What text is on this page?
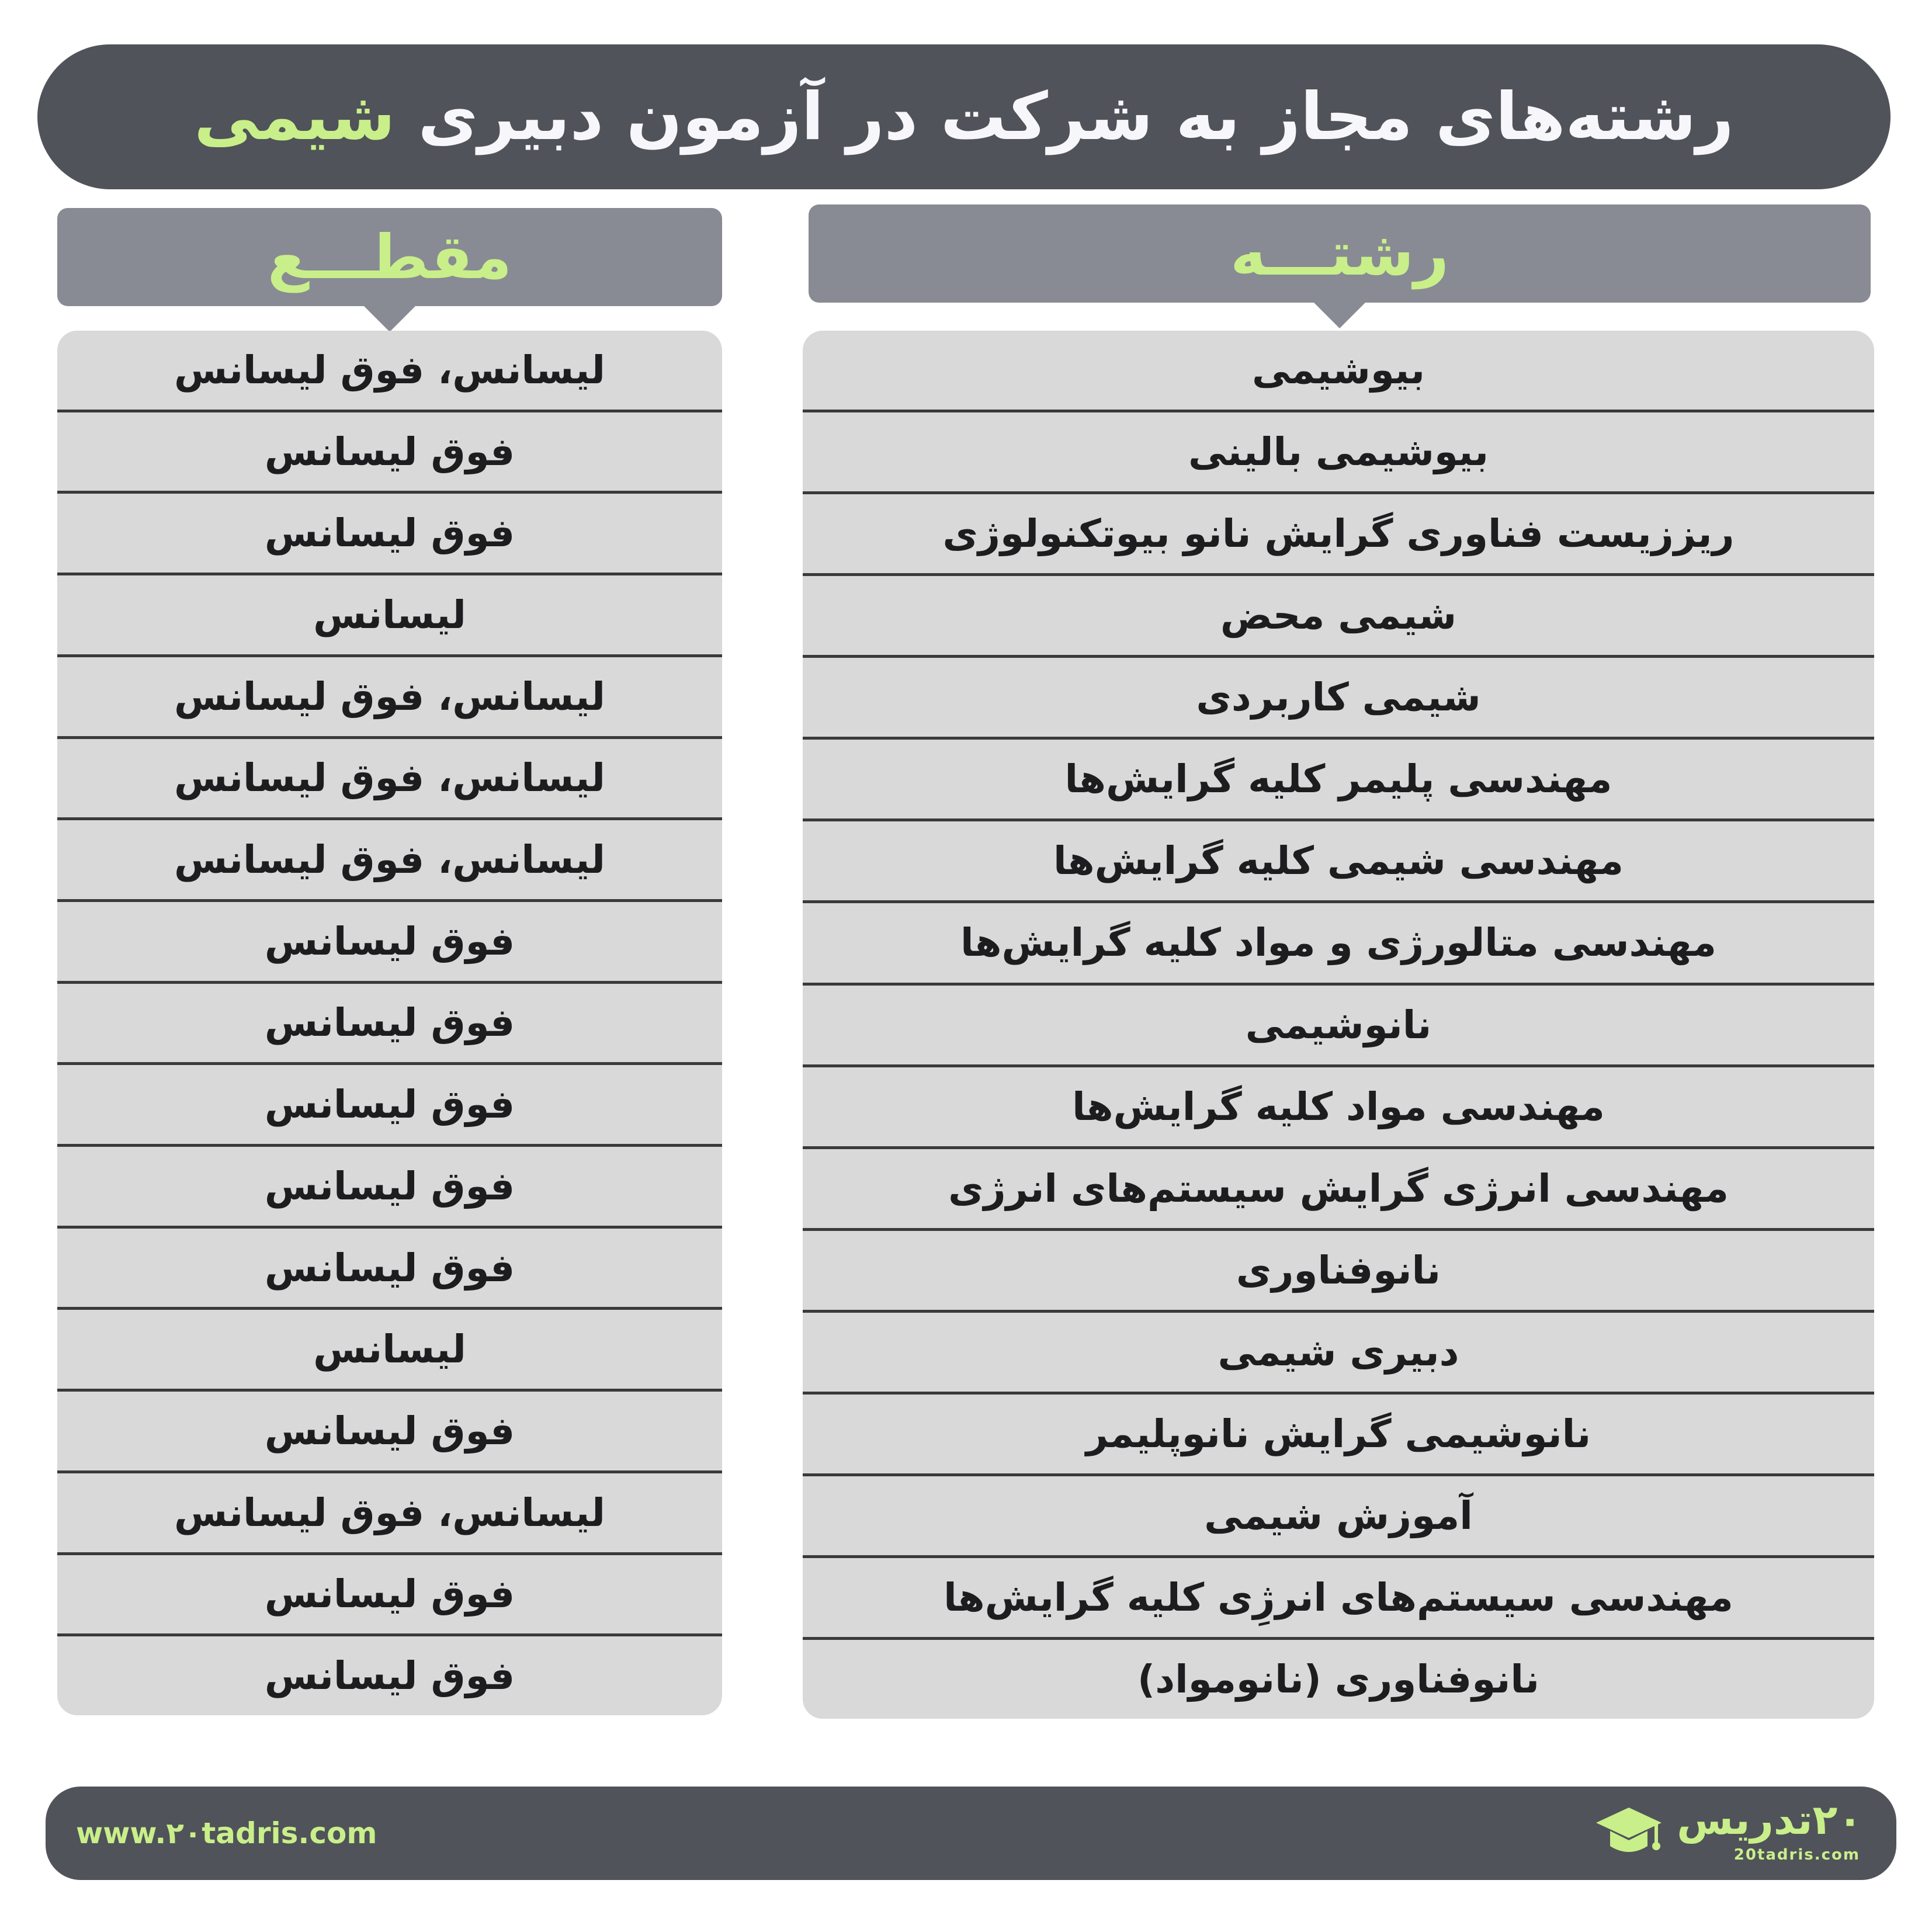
رشته‌های مجاز به شرکت در آزمون دبیری شیمی
رشتـــه
مقطـــع
بیوشیمی
بیوشیمی بالینی
ریززیست فناوری گرایش نانو بیوتکنولوژی
شیمی محض
شیمی کاربردی
مهندسی پلیمر کلیه گرایش‌ها
مهندسی شیمی کلیه گرایش‌ها
مهندسی متالورژی و مواد کلیه گرایش‌ها
نانوشیمی
مهندسی مواد کلیه گرایش‌ها
مهندسی انرژی گرایش سیستم‌های انرژی
نانوفناوری
دبیری شیمی
نانوشیمی گرایش نانوپلیمر
آموزش شیمی
مهندسی سیستم‌های انرژِی کلیه گرایش‌ها
نانوفناوری (نانومواد)
لیسانس، فوق لیسانس
فوق لیسانس
فوق لیسانس
لیسانس
لیسانس، فوق لیسانس
لیسانس، فوق لیسانس
لیسانس، فوق لیسانس
فوق لیسانس
فوق لیسانس
فوق لیسانس
فوق لیسانس
فوق لیسانس
لیسانس
فوق لیسانس
لیسانس، فوق لیسانس
فوق لیسانس
فوق لیسانس
www.۲۰tadris.com	۲۰تدریس
20tadris.com
